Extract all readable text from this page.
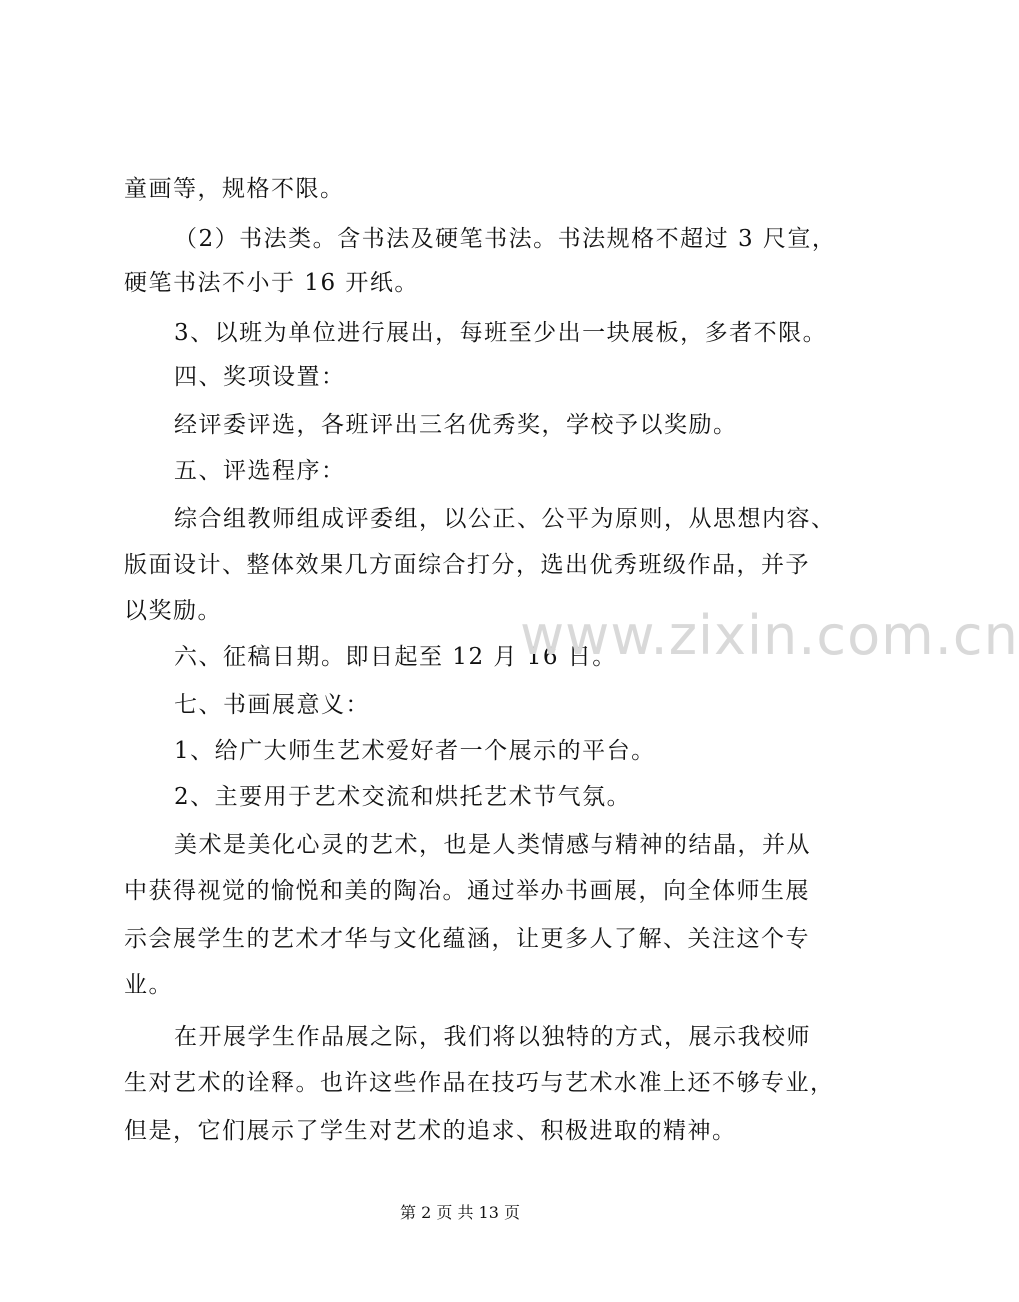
童画等，规格不限。
（2）书法类。含书法及硬笔书法。书法规格不超过 3 尺宣，
硬笔书法不小于 16 开纸。
3、以班为单位进行展出，每班至少出一块展板，多者不限。
四、奖项设置：
经评委评选，各班评出三名优秀奖，学校予以奖励。
五、评选程序：
综合组教师组成评委组，以公正、公平为原则，从思想内容、
版面设计、整体效果几方面综合打分，选出优秀班级作品，并予
以奖励。
六、征稿日期。即日起至 12 月 16 日。
七、书画展意义：
1、给广大师生艺术爱好者一个展示的平台。
2、主要用于艺术交流和烘托艺术节气氛。
美术是美化心灵的艺术，也是人类情感与精神的结晶，并从
中获得视觉的愉悦和美的陶冶。通过举办书画展，向全体师生展
示会展学生的艺术才华与文化蕴涵，让更多人了解、关注这个专
业。
在开展学生作品展之际，我们将以独特的方式，展示我校师
生对艺术的诠释。也许这些作品在技巧与艺术水准上还不够专业，
但是，它们展示了学生对艺术的追求、积极进取的精神。
www.zixin.com.cn
第 2 页 共 13 页
